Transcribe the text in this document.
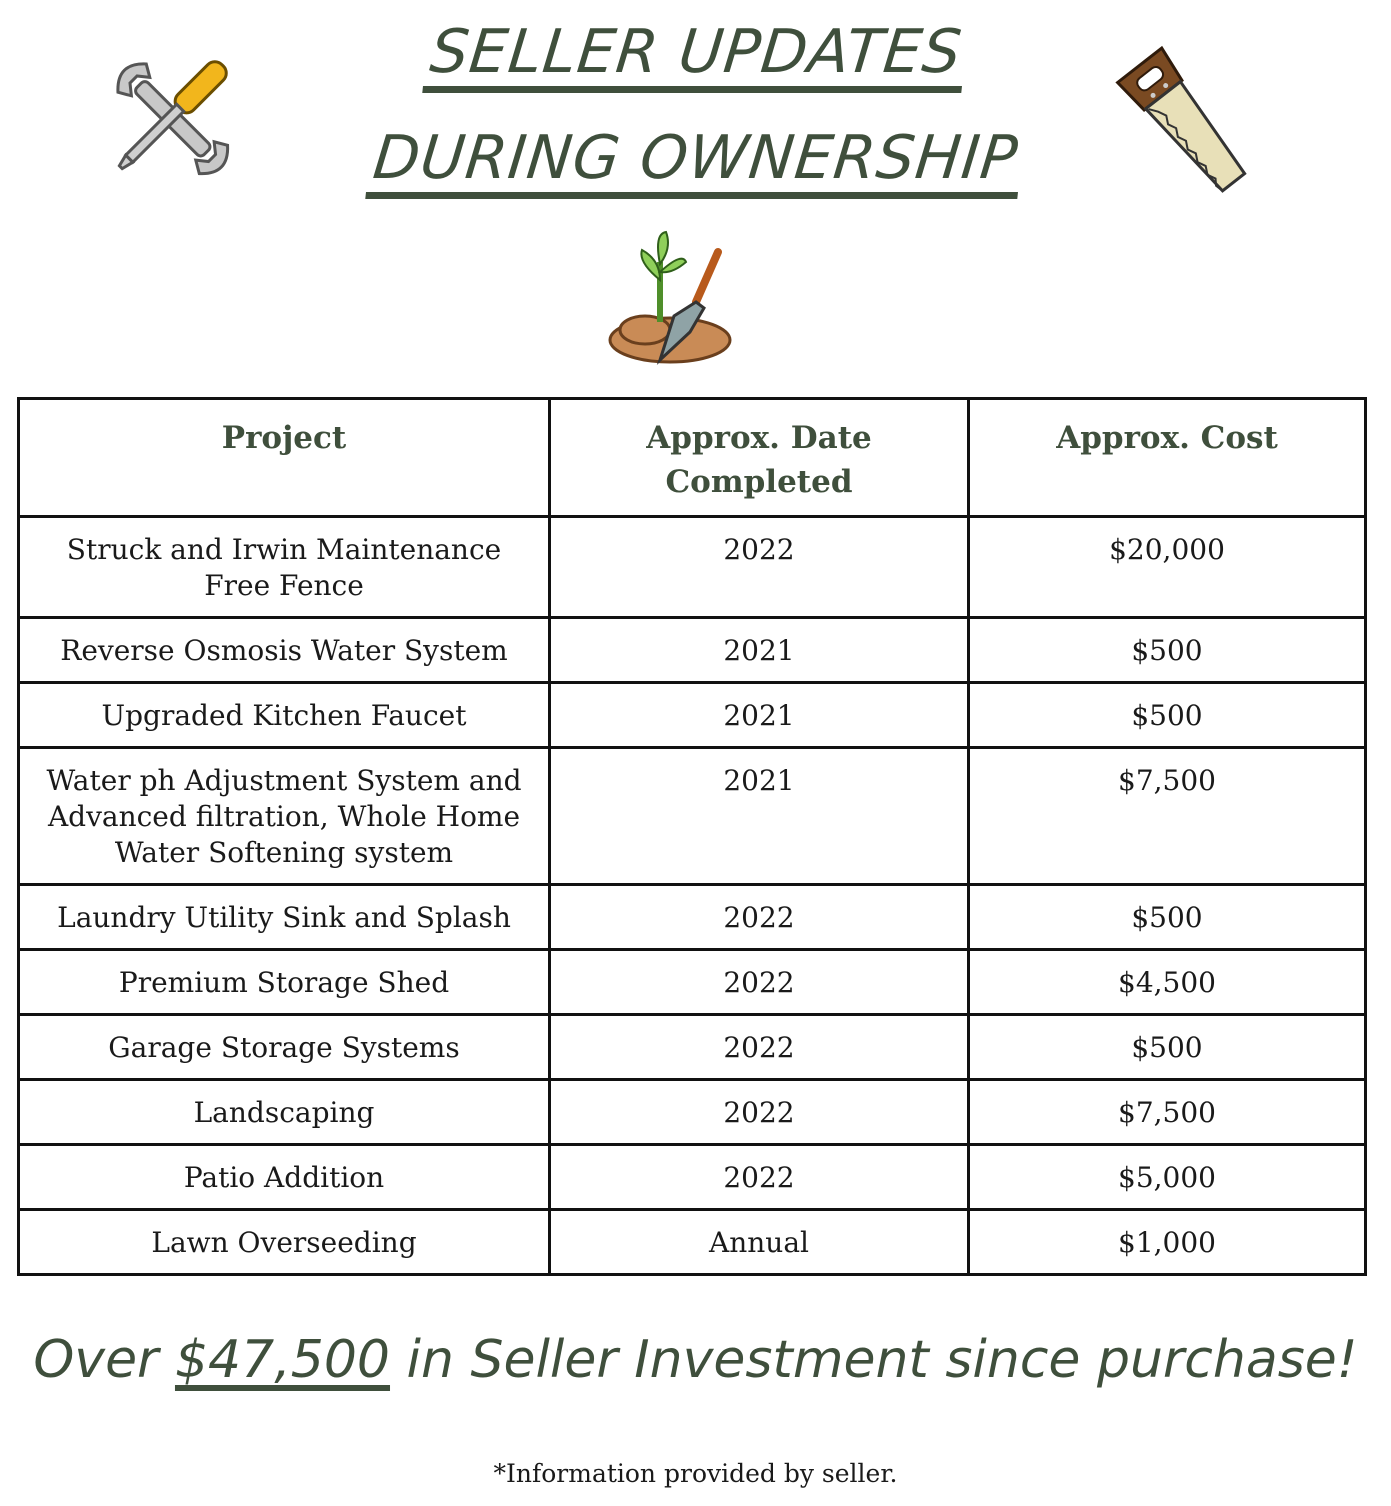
SELLER UPDATES
DURING OWNERSHIP
Project	Approx. Date Completed	Approx. Cost
Struck and Irwin Maintenance Free Fence	2022	$20,000
Reverse Osmosis Water System	2021	$500
Upgraded Kitchen Faucet	2021	$500
Water ph Adjustment System and Advanced filtration, Whole Home Water Softening system	2021	$7,500
Laundry Utility Sink and Splash	2022	$500
Premium Storage Shed	2022	$4,500
Garage Storage Systems	2022	$500
Landscaping	2022	$7,500
Patio Addition	2022	$5,000
Lawn Overseeding	Annual	$1,000
Over $47,500 in Seller Investment since purchase!
*Information provided by seller.
